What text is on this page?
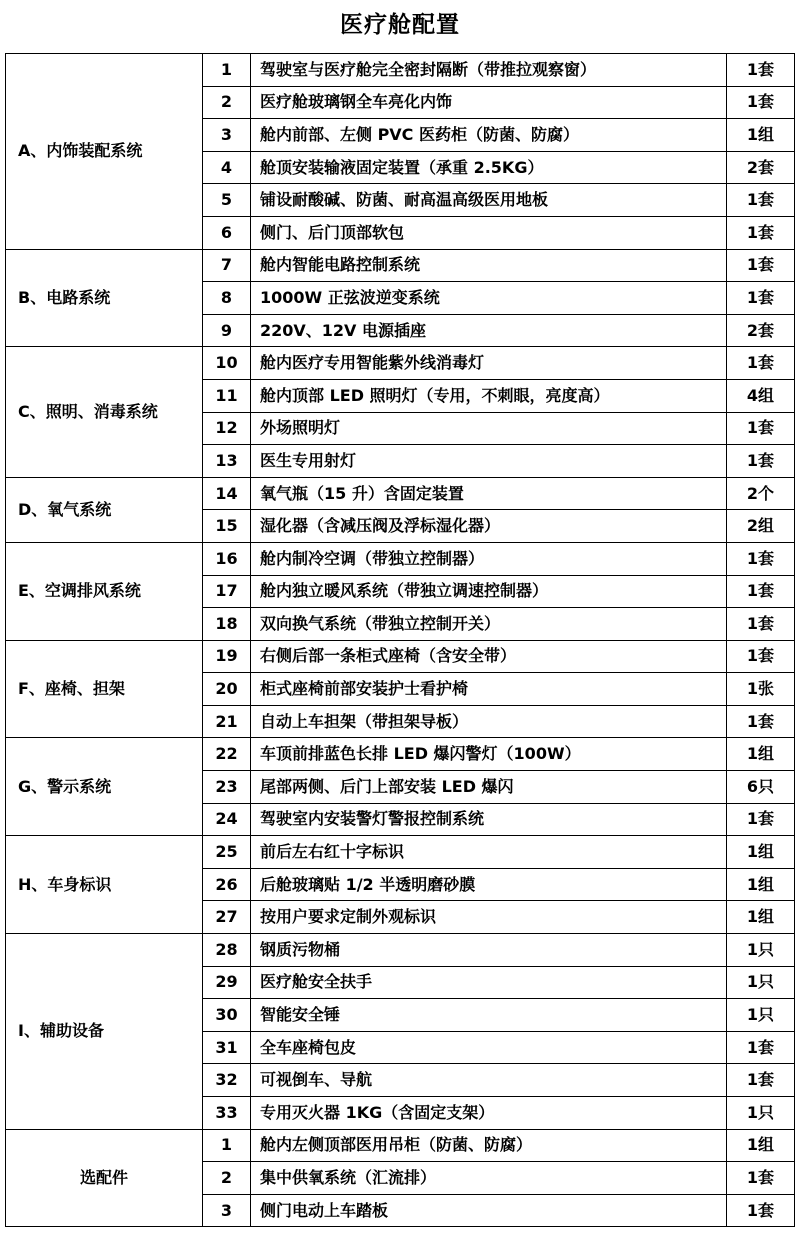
医疗舱配置
A、内饰装配系统	1	驾驶室与医疗舱完全密封隔断（带推拉观察窗）	1套
	2	医疗舱玻璃钢全车亮化内饰	1套
	3	舱内前部、左侧 PVC 医药柜（防菌、防腐）	1组
	4	舱顶安装输液固定装置（承重 2.5KG）	2套
	5	铺设耐酸碱、防菌、耐高温高级医用地板	1套
	6	侧门、后门顶部软包	1套
B、电路系统	7	舱内智能电路控制系统	1套
	8	1000W 正弦波逆变系统	1套
	9	220V、12V 电源插座	2套
C、照明、消毒系统	10	舱内医疗专用智能紫外线消毒灯	1套
	11	舱内顶部 LED 照明灯（专用，不刺眼，亮度高）	4组
	12	外场照明灯	1套
	13	医生专用射灯	1套
D、氧气系统	14	氧气瓶（15 升）含固定装置	2个
	15	湿化器（含减压阀及浮标湿化器）	2组
E、空调排风系统	16	舱内制冷空调（带独立控制器）	1套
	17	舱内独立暖风系统（带独立调速控制器）	1套
	18	双向换气系统（带独立控制开关）	1套
F、座椅、担架	19	右侧后部一条柜式座椅（含安全带）	1套
	20	柜式座椅前部安装护士看护椅	1张
	21	自动上车担架（带担架导板）	1套
G、警示系统	22	车顶前排蓝色长排 LED 爆闪警灯（100W）	1组
	23	尾部两侧、后门上部安装 LED 爆闪	6只
	24	驾驶室内安装警灯警报控制系统	1套
H、车身标识	25	前后左右红十字标识	1组
	26	后舱玻璃贴 1/2 半透明磨砂膜	1组
	27	按用户要求定制外观标识	1组
I、辅助设备	28	钢质污物桶	1只
	29	医疗舱安全扶手	1只
	30	智能安全锤	1只
	31	全车座椅包皮	1套
	32	可视倒车、导航	1套
	33	专用灭火器 1KG（含固定支架）	1只
选配件	1	舱内左侧顶部医用吊柜（防菌、防腐）	1组
	2	集中供氧系统（汇流排）	1套
	3	侧门电动上车踏板	1套
